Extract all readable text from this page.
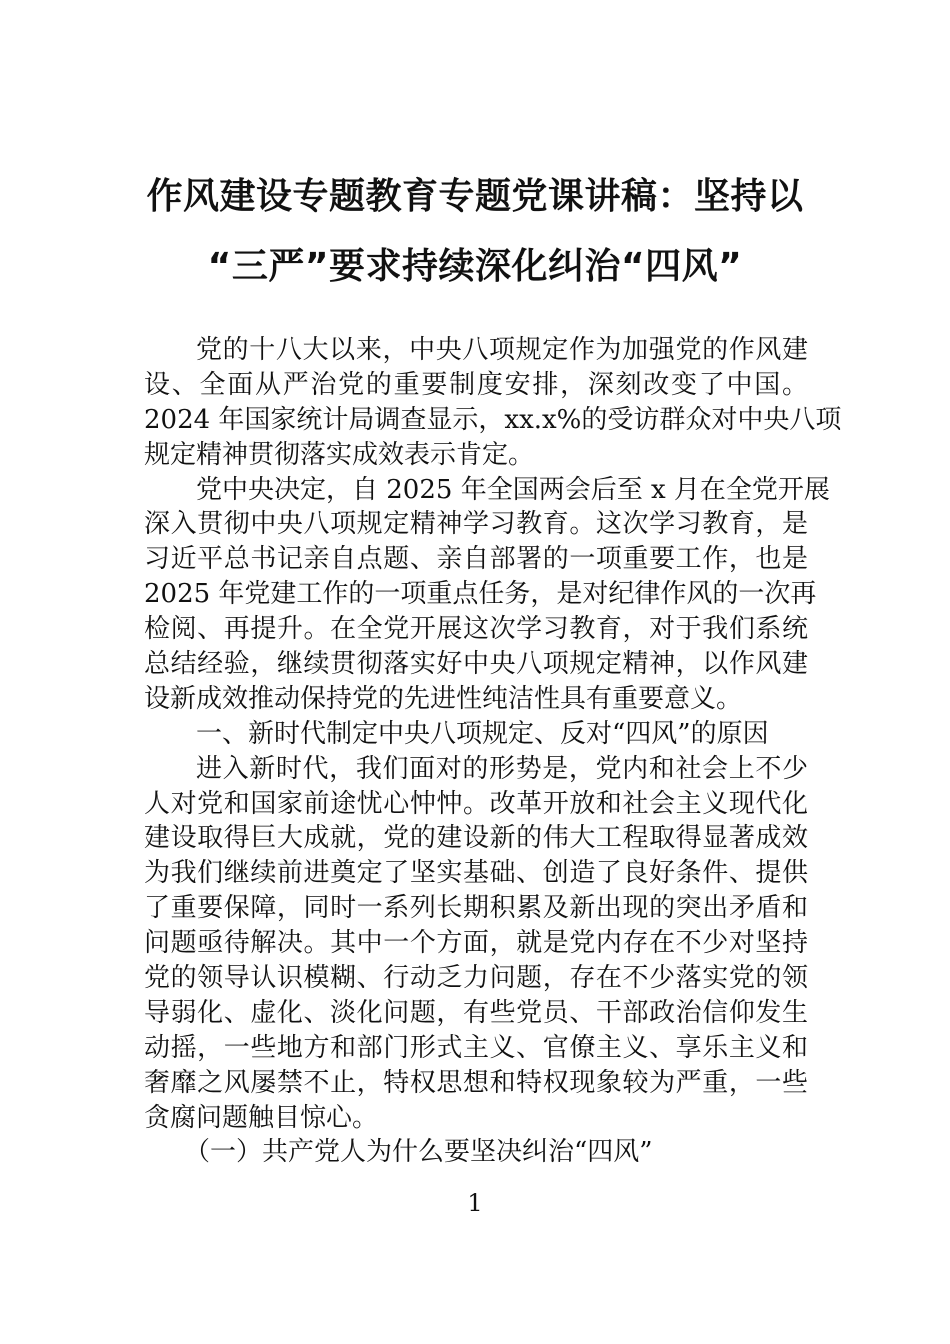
作风建设专题教育专题党课讲稿：坚持以
“三严”要求持续深化纠治“四风”
党的十八大以来，中央八项规定作为加强党的作风建
设、全面从严治党的重要制度安排，深刻改变了中国。
2024 年国家统计局调查显示，xx.x%的受访群众对中央八项
规定精神贯彻落实成效表示肯定。
党中央决定，自 2025 年全国两会后至 x 月在全党开展
深入贯彻中央八项规定精神学习教育。这次学习教育，是
习近平总书记亲自点题、亲自部署的一项重要工作，也是
2025 年党建工作的一项重点任务，是对纪律作风的一次再
检阅、再提升。在全党开展这次学习教育，对于我们系统
总结经验，继续贯彻落实好中央八项规定精神，以作风建
设新成效推动保持党的先进性纯洁性具有重要意义。
一、新时代制定中央八项规定、反对“四风”的原因
进入新时代，我们面对的形势是，党内和社会上不少
人对党和国家前途忧心忡忡。改革开放和社会主义现代化
建设取得巨大成就，党的建设新的伟大工程取得显著成效
为我们继续前进奠定了坚实基础、创造了良好条件、提供
了重要保障，同时一系列长期积累及新出现的突出矛盾和
问题亟待解决。其中一个方面，就是党内存在不少对坚持
党的领导认识模糊、行动乏力问题，存在不少落实党的领
导弱化、虚化、淡化问题，有些党员、干部政治信仰发生
动摇，一些地方和部门形式主义、官僚主义、享乐主义和
奢靡之风屡禁不止，特权思想和特权现象较为严重，一些
贪腐问题触目惊心。
（一）共产党人为什么要坚决纠治“四风”
1
